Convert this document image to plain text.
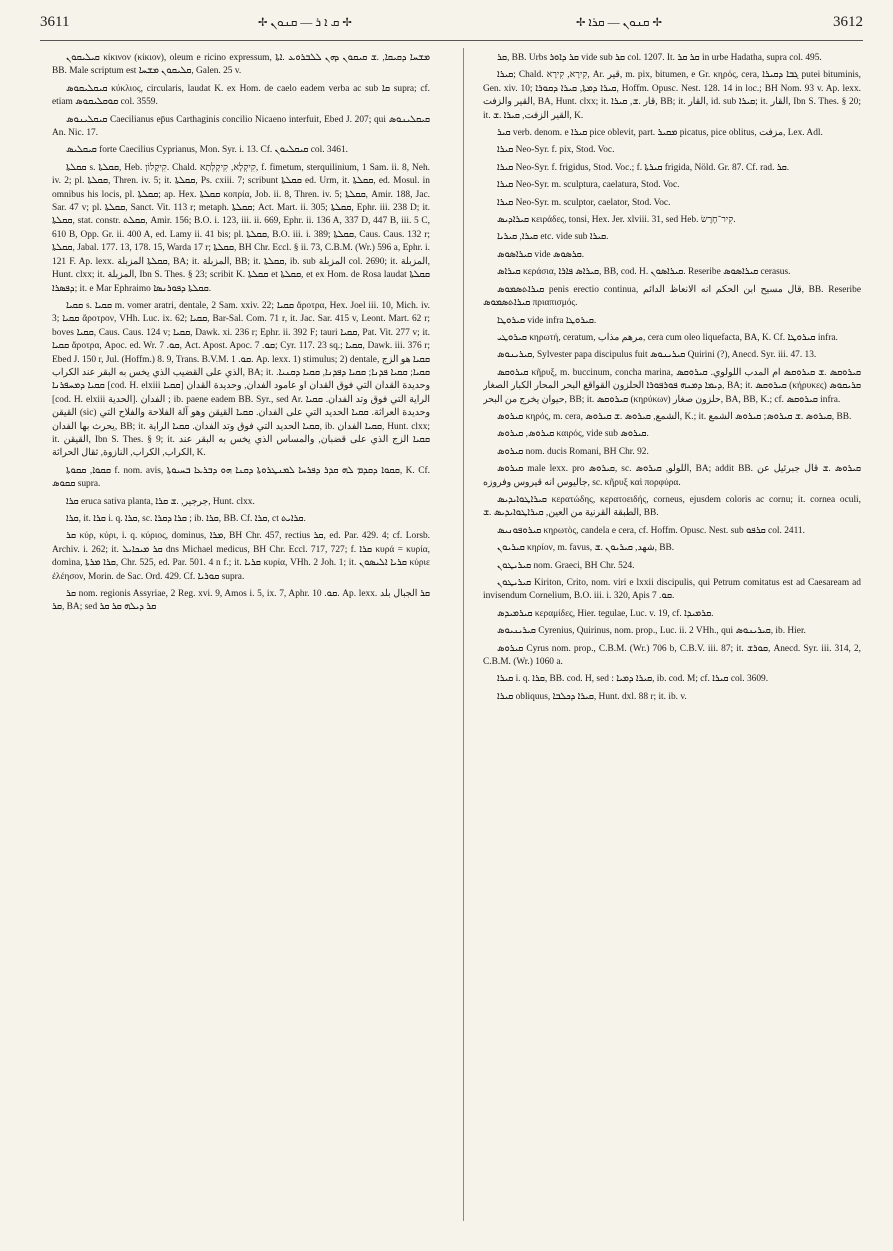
3611	✢ ܩ ܐ ܪ — ܩܢܘܢ ✢	✢ ܩܢܘܢ — ܩܪܐ ✢	3612

ܩܝܠܝܩܘܢ κίκινον (κίκιον), oleum e ricino expressum, ܡܫܚܐ ܕܩܝܩܐ, .ܫ ܩܝܩܘܢ ܕܗܢ ܠܠܒܪܘܥ .ܐܬܐ BB. Male scriptum est ܩܠܝܩܘܢ ܡܫܚܐ, Galen. 25 v.

ܩܝܩܠܝܩܘܣ κύκλιος, circularis, laudat K. ex Hom. de caelo eadem verba ac sub ܩܐ supra; cf. etiam ܩܘܩܠܝܩܘܣ col. 3559.

ܩܝܩܠܝܢܘܣ Caecilianus ep̄us Carthaginis concilio Nicaeno interfuit, Ebed J. 207; qui ܩܝܩܠܝܢܘܣ An. Nic. 17.

ܩܝܩܠܝܣ forte Caecilius Cyprianus, Mon. Syr. i. 13. Cf. ܩܝܩܠܝܘܢ col. 3461.

ܩܩܠܬܐ s. ܩܩܠܬܐ, Heb. קִיקָלוֹן. Chald. קִיקְלָא, קִיקְלְתָא, f. fimetum, sterquilinium, 1 Sam. ii. 8, Neh. iv. 2; pl. ܩܩܠܬܐ, Thren. iv. 5; it. ܩܩܠܬܐ, Ps. cxiii. 7; scribunt ܩܩܠܬܐ ed. Urm, it. ܩܩܠܬܐ, ed. Mosul. in omnibus his locis, pl. ܩܩܠܬܐ; ap. Hex. ܩܩܠܬܐ κοπρία, Job. ii. 8, Thren. iv. 5; ܩܩܠܬܐ, Amir. 188, Jac. Sar. 47 v; pl. ܩܩܠܬܐ, Sanct. Vit. 113 r; metaph. ܩܩܠܬܐ; Act. Mart. ii. 305; ܩܩܠܬܐ, Ephr. iii. 238 D; it. ܩܩܠܬܐ, stat. constr. ܩܩܠܬ, Amir. 156; B.O. i. 123, iii. ii. 669, Ephr. ii. 136 A, 337 D, 447 B, iii. 5 C, 610 B, Opp. Gr. ii. 400 A, ed. Lamy ii. 41 bis; pl. ܩܩܠܬܐ, B.O. iii. i. 389; ܩܩܠܬܐ, Caus. Caus. 132 r; ܩܩܠܬܐ, Jabal. 177. 13, 178. 15, Warda 17 r; ܩܩܠܬܐ, BH Chr. Eccl. § ii. 73, C.B.M. (Wr.) 596 a, Ephr. i. 121 F. Ap. lexx. ܩܩܠܬܐ المزبلة, BA; it. المزبلة, BB; it. ܩܩܠܬܐ, ib. sub المزبلة col. 2690; it. المزبلة, Hunt. clxx; it. المزبلة, Ibn S. Thes. § 23; scribit K. ܩܩܠܬܐ et ܩܩܠܬܐ, et ex Hom. de Rosa laudat ܩܩܠܬܐ ܕܦܣܪܐ; it. e Mar Ephraimo ܩܩܠܬܐ ܕܦܘܪܢܣܐ.

ܩܩܝܐ s. ܩܩܝܐ m. vomer aratri, dentale, 2 Sam. xxiv. 22; ܩܩܝܐ ἄροτρα, Hex. Joel iii. 10, Mich. iv. 3; ܩܩܝܐ ἄροτρον, VHh. Luc. ix. 62; ܩܩܝܐ, Bar-Sal. Com. 71 r, it. Jac. Sar. 415 v, Leont. Mart. 62 r; boves ܩܩܝܐ, Caus. Caus. 124 v; ܩܩܝܐ, Dawk. xi. 236 r; Ephr. ii. 392 F; tauri ܩܩܝܐ, Pat. Vit. 277 v; it. ܩܩܝܐ ἄροτρα, Apoc. ed. Wr. ܩܘ. 7, Act. Apost. Apoc. ܩܘ. 7; Cyr. 117. 23 sq.; ܩܩܝܐ, Dawk. iii. 376 r; Ebed J. 150 r, Jul. (Hoffm.) 8. 9, Trans. B.V.M. ܩܘ. 1. Ap. lexx. 1) stimulus; 2) dentale, ܩܩܝܐ هو الزج الذي على القضيب الذي يخس به البقر عند الكراب, BA; it. ܩܩܝܐ; ܩܩܝܐ ܦܕܢܐ; ܩܩܝܐ ܕܦܕܢܐ, ܩܩܝܐ ܕܩܢܝܐ. ܩܩܝܐ ܕܡܚܦܪܢܐ [cod. H. elxiii ܩܩܝܐ] وحديدة القدان التي فوق القدان او عامود الفدان, وحديدة القدان [cod. H. elxiii الحدية]. الفدان ; ib. paene eadem BB. Syr., sed Ar. الراية التي فوق وتد الفدان. ܩܩܝܐ القيقن (sic) وحديدة العراثة. ܩܩܝܐ الحديد التي على الفدان. ܩܩܝܐ القيقن وهو آلة الفلاحة والفلاح التي يحرث بها الفدان, BB; it. ܩܩܝܐ الحديد التي فوق وتد الفدان. ܩܩܝܐ الراية, ib. ܩܩܝܐ الفدان, Hunt. clxx; it. القيقن, Ibn S. Thes. § 9; it. ܩܩܝܐ الزج الذي على قضبان, والمساس الذي يخس به البقر عند الكراب, الكراب, النازوة, ثقال الحراثة, K.

ܩܩܘܐ, ܩܩܘܬܐ f. nom. avis, ܩܩܘܐ ܕܩܕܡ ܠܗ ܩܕܪ ܕܦܪܚܐ ܠܡܢܛܪܘܬܐ ܕܩܢܐ ܗܘ ܕܒܪܥܐ ܒܚܝܘܬܐ, K. Cf. ܩܩܘܣ supra.

ܩܪܐ eruca sativa planta, جرجير, .ܫ ܩܪܐ, Hunt. clxx.

ܩܪܐ, it. ܩܪܐ i. q. ܩܪܐ, sc. ܩܪܐ ܕܩܪܐ ; ib. ܩܪܐ, BB. Cf. ܩܪܐ, ct ܩܪܐܝܬ.

ܩܪ κύρ, κύρι, i. q. κύριος, dominus, ܡܪܐ, BH Chr. 457, rectius ܩܪ, ed. Par. 429. 4; cf. Lorsb. Archiv. i. 262; it. ܩܪ ܡܝܟܐܝܠ dns Michael medicus, BH Chr. Eccl. 717, 727; f. ܩܪܐ κυρά = κυρία, domina, ܩܪܐ ܡܪܬܐ, Chr. 525, ed. Par. 501. 4 n f.; it. ܩܪܝܐ κυρία, VHh. 2 Joh. 1; it. ܩܪܝܐ ܐܠܝܣܘܢ κύριε ἐλέησον, Morin. de Sac. Ord. 429. Cf. ܩܘܪܝܐ supra.

ܩܪ nom. regionis Assyriae, 2 Reg. xvi. 9, Amos i. 5, ix. 7, Aphr. ܩܘ. 10. Ap. lexx. ܩܪ الجبال بلد ܩܪ, BA; sed ܩܪ ܕܝܠܗ ܩܪ ܩܪ

ܩܪ, BB. Urbs ܩܪ ܕܐܘܪ vide sub ܩܪ col. 1207. It. ܩܪ ܩܪ in urbe Hadatha, supra col. 495.

ܩܝܪܐ; Chald. קִירָא, קִירָא, Ar. قير, m. pix, bitumen, e Gr. κηρός, cera, ܓܒܐ ܕܩܝܪܐ putei bituminis, Gen. xiv. 10; ܩܝܪܐ ܕܡܬܐ, ܩܝܪܐ ܕܩܘܪܐ, Hoffm. Opusc. Nest. 128. 14 in loc.; BH Nom. 93 v. Ap. lexx. القير والزفت, BA, Hunt. clxx; it. قار .ܫ, ܩܝܪܐ, BB; it. القار, id. sub ܩܝܪܐ; it. القار, Ibn S. Thes. § 20; it. القير الزفت, ܩܝܪܐ .ܫ, K.

ܩܝܪ verb. denom. e ܩܝܪܐ pice oblevit, part. ܡܩܝܪ picatus, pice oblitus, مزفت, Lex. Adl.

ܩܝܪܐ Neo-Syr. f. pix, Stod. Voc.

ܩܝܪܐ Neo-Syr. f. frigidus, Stod. Voc.; f. ܩܝܪܬܐ frigida, Nöld. Gr. 87. Cf. rad. ܩܪ.

ܩܝܪܐ Neo-Syr. m. sculptura, caelatura, Stod. Voc.

ܩܝܪܐ Neo-Syr. m. sculptor, caelator, Stod. Voc.

ܩܝܪܐܕܝܣ κειράδες, tonsi, Hex. Jer. xlviii. 31, sed Heb. קִיר־חֶרֶשׂ.

ܩܝܪܐ, ܩܝܪܝܐ etc. vide sub ܩܝܪܐ.

ܩܝܪܐܣܘܣ vide ܩܪܣܘܣ.

ܩܝܪܐܣ κεράσια, ܩܝܪܐܣ ܦܐܪܐ, BB, cod. H. ܩܝܪܐܣܘܢ. Reseribe ܩܝܪܐܣܘܣ cerasus.

ܩܝܪܐܬܣܡܘܣ penis erectio continua, قال مسيح ابن الحكم انه الانعاظ الدائم, BB. Reseribe ܩܝܪܐܬܣܡܘܣ πριαπισμός.

ܩܝܪܘܛܐ vide infra ܩܝܪܘܛܐ.

ܩܝܪܘܛܝ κηρωτή, ceratum, مرهم مذاب, cera cum oleo liquefacta, BA, K. Cf. ܩܝܪܘܛܐ infra.

ܩܝܪܝܢܘܣ, Sylvester papa discipulus fuit ܩܝܪܝܢܘܣ Quirini (?), Anecd. Syr. iii. 47. 13.

ܩܝܪܘܩܣ κῆρυξ, m. buccinum, concha marina, ܩܝܪܘܩܣ .ܫ ܩܝܪܘܩܣ ام المدب اللولوي. ܩܝܪܘܩܣ ܕܝܡܐ ܕܡܢܗ ܦܘܪܦܘܪܐ الحلزون القواقع البحر المحار الكبار الصغار, BA; it. ܩܝܪܘܩܣ (κήρυκες) ܩܪܝܩܘܣ حيوان يخرج من البحر, BB; it. ܩܝܪܘܩܣ (κηρύκων) حلزون صغار, BA, BB, K.; cf. ܩܝܪܘܩܣ infra.

ܩܝܪܘܣ κηρός, m. cera, الشمع, ܩܝܪܘܣ .ܫ ܩܝܪܘܣ, K.; it. ܩܝܪܘܣ .ܫ ܩܝܪܘܣ; ܩܝܪܘܣ الشمع, BB.

ܩܝܪܘܣ, ܩܝܪܘܣ καιρός, vide sub ܩܝܪܘܣ.

ܩܝܪܘܣ nom. ducis Romani, BH Chr. 92.

ܩܝܪܘܣ male lexx. pro ܩܝܪܘܣ, sc. اللولو, ܩܝܪܘܣ, BA; addit BB. ܩܝܪܘܣ .ܫ قال جبرئيل عن جاليوس انه قيروس وفروزه, sc. κῆρυξ καὶ πορφύρα.

ܩܝܪܐܛܘܐܝܕܝܣ κερατώδης, κερατοειδής, corneus, ejusdem coloris ac cornu; it. cornea oculi, الطبقة القرنية من العين, ܩܝܪܐܛܘܐܝܕܝܣ .ܫ, BB.

ܩܝܪܘܦܘܢܝܣ κηρωτὸς, candela e cera, cf. Hoffm. Opusc. Nest. sub ܩܪܦܘ col. 2411.

ܩܝܪܝܘܢ κηρίον, m. favus, شهد, ܩܝܪܝܘܢ .ܫ, BB.

ܩܝܪܝܛܘܢ nom. Graeci, BH Chr. 524.

ܩܝܪܝܛܘܢ Kiriton, Crito, nom. viri e lxxii discipulis, qui Petrum comitatus est ad Caesaream ad invisendum Cornelium, B.O. iii. i. 320, Apis ܩܘ. 7.

ܩܝܪܡܝܕܣ κεραμίδες, Hier. tegulae, Luc. v. 19, cf. ܩܪܡܝܕܐ.

ܩܝܪܝܢܝܘܣ Cyrenius, Quirinus, nom. prop., Luc. ii. 2 VHh., qui ܩܝܪܝܢܘܣ, ib. Hier.

ܩܝܪܘܣ Cyrus nom. prop., C.B.M. (Wr.) 706 b, C.B.V. iii. 87; it. ܩܘܪܫ, Anecd. Syr. iii. 314, 2, C.B.M. (Wr.) 1060 a.

ܩܝܪܐ i. q. ܩܪܐ, BB. cod. H, sed : ܩܝܪܐ ܕܡܝܐ, ib. cod. M; cf. ܩܝܪܐ col. 3609.

ܩܝܪܐ obliquus, ܩܝܪܐ ܕܟܠܒܐ, Hunt. dxl. 88 r; it. ib. v.
